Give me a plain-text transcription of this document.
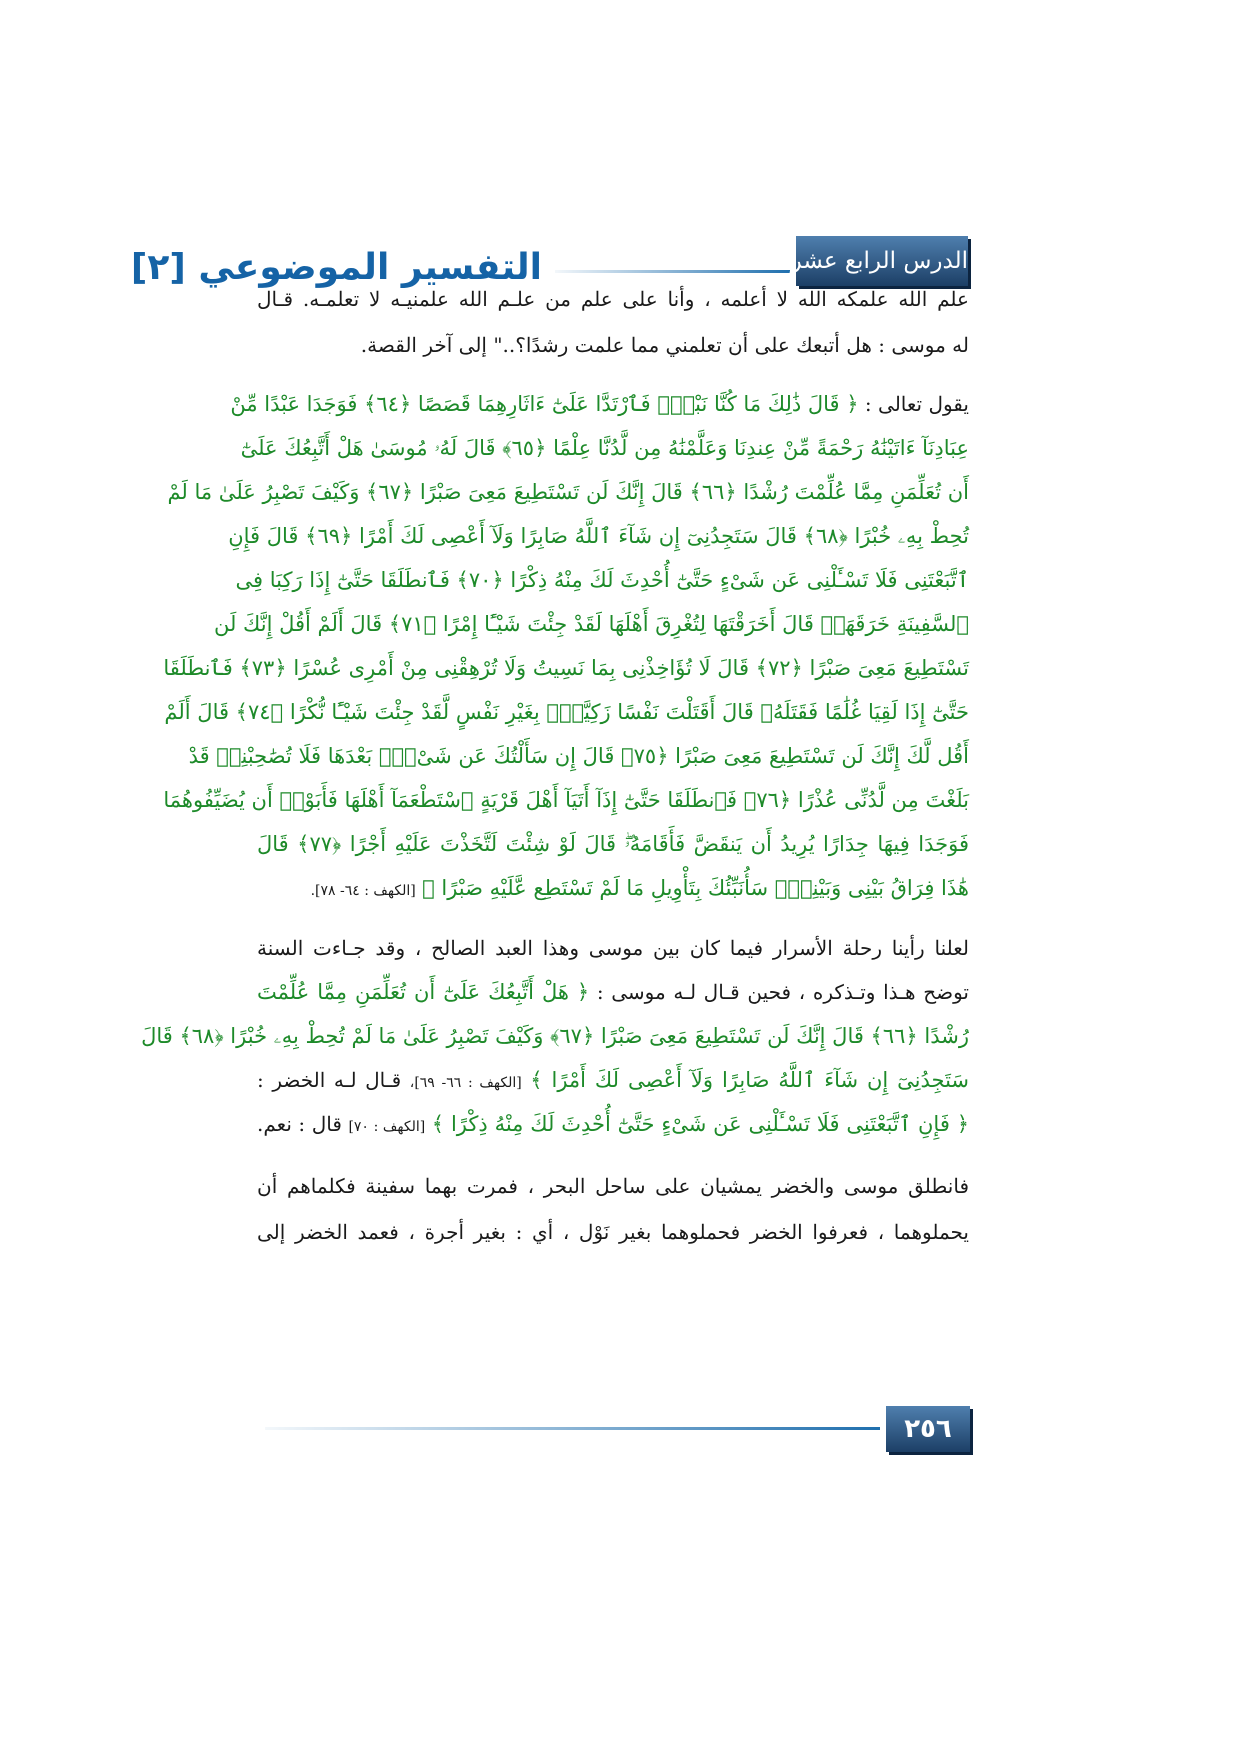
التفسير الموضوعي [٢]	الدرس الرابع عشر
علم الله علمكه الله لا أعلمه ، وأنا على علم من علـم الله علمنيـه لا تعلمـه. قـال
له موسى : هل أتبعك على أن تعلمني مما علمت رشدًا؟.." إلى آخر القصة.
يقول تعالى : ﴿ قَالَ ذَٰلِكَ مَا كُنَّا نَبْغِۚ فَٱرْتَدَّا عَلَىٰٓ ءَاثَارِهِمَا قَصَصًا ﴿٦٤﴾ فَوَجَدَا عَبْدًا مِّنْ
عِبَادِنَآ ءَاتَيْنَٰهُ رَحْمَةً مِّنْ عِندِنَا وَعَلَّمْنَٰهُ مِن لَّدُنَّا عِلْمًا ﴿٦٥﴾ قَالَ لَهُۥ مُوسَىٰ هَلْ أَتَّبِعُكَ عَلَىٰٓ
أَن تُعَلِّمَنِ مِمَّا عُلِّمْتَ رُشْدًا ﴿٦٦﴾ قَالَ إِنَّكَ لَن تَسْتَطِيعَ مَعِىَ صَبْرًا ﴿٦٧﴾ وَكَيْفَ تَصْبِرُ عَلَىٰ مَا لَمْ
تُحِطْ بِهِۦ خُبْرًا ﴿٦٨﴾ قَالَ سَتَجِدُنِىٓ إِن شَآءَ ٱللَّهُ صَابِرًا وَلَآ أَعْصِى لَكَ أَمْرًا ﴿٦٩﴾ قَالَ فَإِنِ
ٱتَّبَعْتَنِى فَلَا تَسْـَٔلْنِى عَن شَىْءٍ حَتَّىٰٓ أُحْدِثَ لَكَ مِنْهُ ذِكْرًا ﴿٧٠﴾ فَٱنطَلَقَا حَتَّىٰٓ إِذَا رَكِبَا فِى
ٱلسَّفِينَةِ خَرَقَهَاۖ قَالَ أَخَرَقْتَهَا لِتُغْرِقَ أَهْلَهَا لَقَدْ جِئْتَ شَيْـًٔا إِمْرًا ﴿٧١﴾ قَالَ أَلَمْ أَقُلْ إِنَّكَ لَن
تَسْتَطِيعَ مَعِىَ صَبْرًا ﴿٧٢﴾ قَالَ لَا تُؤَاخِذْنِى بِمَا نَسِيتُ وَلَا تُرْهِقْنِى مِنْ أَمْرِى عُسْرًا ﴿٧٣﴾ فَٱنطَلَقَا
حَتَّىٰٓ إِذَا لَقِيَا غُلَٰمًا فَقَتَلَهُۥ قَالَ أَقَتَلْتَ نَفْسًا زَكِيَّةًۢ بِغَيْرِ نَفْسٍ لَّقَدْ جِئْتَ شَيْـًٔا نُّكْرًا ﴿٧٤﴾ قَالَ أَلَمْ
أَقُل لَّكَ إِنَّكَ لَن تَسْتَطِيعَ مَعِىَ صَبْرًا ﴿٧٥﴾ قَالَ إِن سَأَلْتُكَ عَن شَىْءٍۭ بَعْدَهَا فَلَا تُصَٰحِبْنِىۖ قَدْ
بَلَغْتَ مِن لَّدُنِّى عُذْرًا ﴿٧٦﴾ فَٱنطَلَقَا حَتَّىٰٓ إِذَآ أَتَيَآ أَهْلَ قَرْيَةٍ ٱسْتَطْعَمَآ أَهْلَهَا فَأَبَوْا۟ أَن يُضَيِّفُوهُمَا
فَوَجَدَا فِيهَا جِدَارًا يُرِيدُ أَن يَنقَضَّ فَأَقَامَهُۥۖ قَالَ لَوْ شِئْتَ لَتَّخَذْتَ عَلَيْهِ أَجْرًا ﴿٧٧﴾ قَالَ
هَٰذَا فِرَاقُ بَيْنِى وَبَيْنِكَۚ سَأُنَبِّئُكَ بِتَأْوِيلِ مَا لَمْ تَسْتَطِع عَّلَيْهِ صَبْرًا ﴾ [الكهف : ٦٤- ٧٨].
لعلنا رأينا رحلة الأسرار فيما كان بين موسى وهذا العبد الصالح ، وقد جـاءت السنة
توضح هـذا وتـذكره ، فحين قـال لـه موسى : ﴿ هَلْ أَتَّبِعُكَ عَلَىٰٓ أَن تُعَلِّمَنِ مِمَّا عُلِّمْتَ
رُشْدًا ﴿٦٦﴾ قَالَ إِنَّكَ لَن تَسْتَطِيعَ مَعِىَ صَبْرًا ﴿٦٧﴾ وَكَيْفَ تَصْبِرُ عَلَىٰ مَا لَمْ تُحِطْ بِهِۦ خُبْرًا ﴿٦٨﴾ قَالَ
سَتَجِدُنِىٓ إِن شَآءَ ٱللَّهُ صَابِرًا وَلَآ أَعْصِى لَكَ أَمْرًا ﴾ [الكهف : ٦٦- ٦٩]، قـال لـه الخضر :
﴿ فَإِنِ ٱتَّبَعْتَنِى فَلَا تَسْـَٔلْنِى عَن شَىْءٍ حَتَّىٰٓ أُحْدِثَ لَكَ مِنْهُ ذِكْرًا ﴾ [الكهف : ٧٠] قال : نعم.
فانطلق موسى والخضر يمشيان على ساحل البحر ، فمرت بهما سفينة فكلماهم أن
يحملوهما ، فعرفوا الخضر فحملوهما بغير نَوْل ، أي : بغير أجرة ، فعمد الخضر إلى
٢٥٦
